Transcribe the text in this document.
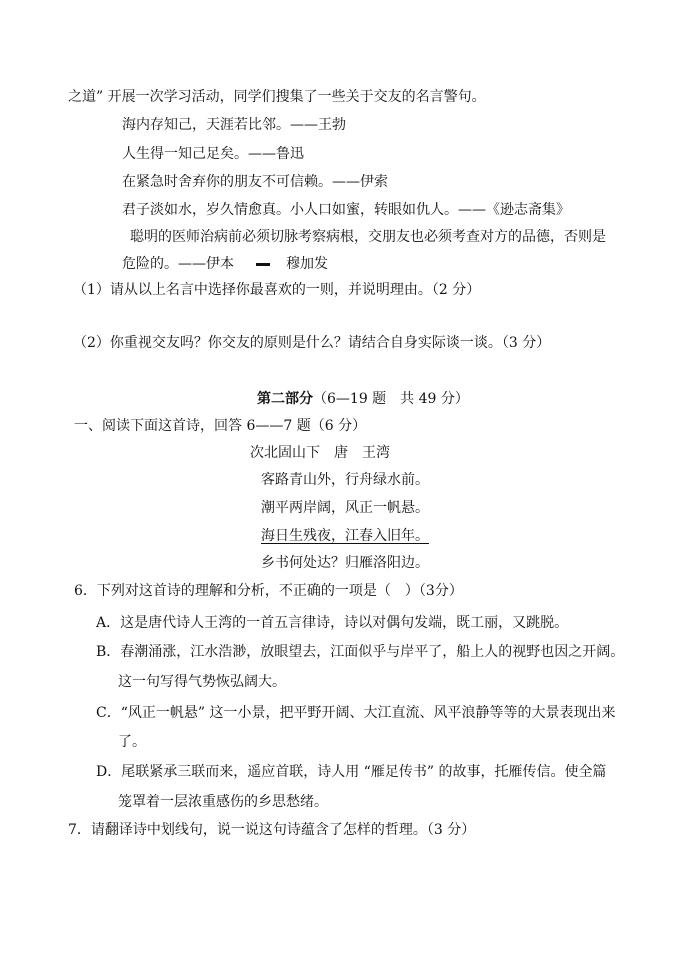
之道” 开展一次学习活动，同学们搜集了一些关于交友的名言警句。
海内存知己，天涯若比邻。——王勃
人生得一知己足矣。——鲁迅
在紧急时舍弃你的朋友不可信赖。——伊索
君子淡如水，岁久情愈真。小人口如蜜，转眼如仇人。——《逊志斋集》
聪明的医师治病前必须切脉考察病根，交朋友也必须考查对方的品德，否则是
危险的。——伊本	穆加发
（1）请从以上名言中选择你最喜欢的一则，并说明理由。（2 分）
（2）你重视交友吗？你交友的原则是什么？请结合自身实际谈一谈。（3 分）
第二部分（6—19 题　共 49 分）
一、阅读下面这首诗，回答 6——7 题（6 分）
次北固山下　唐　王湾
客路青山外，行舟绿水前。
潮平两岸阔，风正一帆悬。
海日生残夜，江春入旧年。
乡书何处达？归雁洛阳边。
6．下列对这首诗的理解和分析，不正确的一项是（　）（3分）
A．这是唐代诗人王湾的一首五言律诗，诗以对偶句发端，既工丽，又跳脱。
B．春潮涌涨，江水浩渺，放眼望去，江面似乎与岸平了，船上人的视野也因之开阔。
这一句写得气势恢弘阔大。
C．“风正一帆悬” 这一小景，把平野开阔、大江直流、风平浪静等等的大景表现出来
了。
D．尾联紧承三联而来，遥应首联，诗人用 “雁足传书” 的故事，托雁传信。使全篇
笼罩着一层浓重感伤的乡思愁绪。
7．请翻译诗中划线句，说一说这句诗蕴含了怎样的哲理。（3 分）
